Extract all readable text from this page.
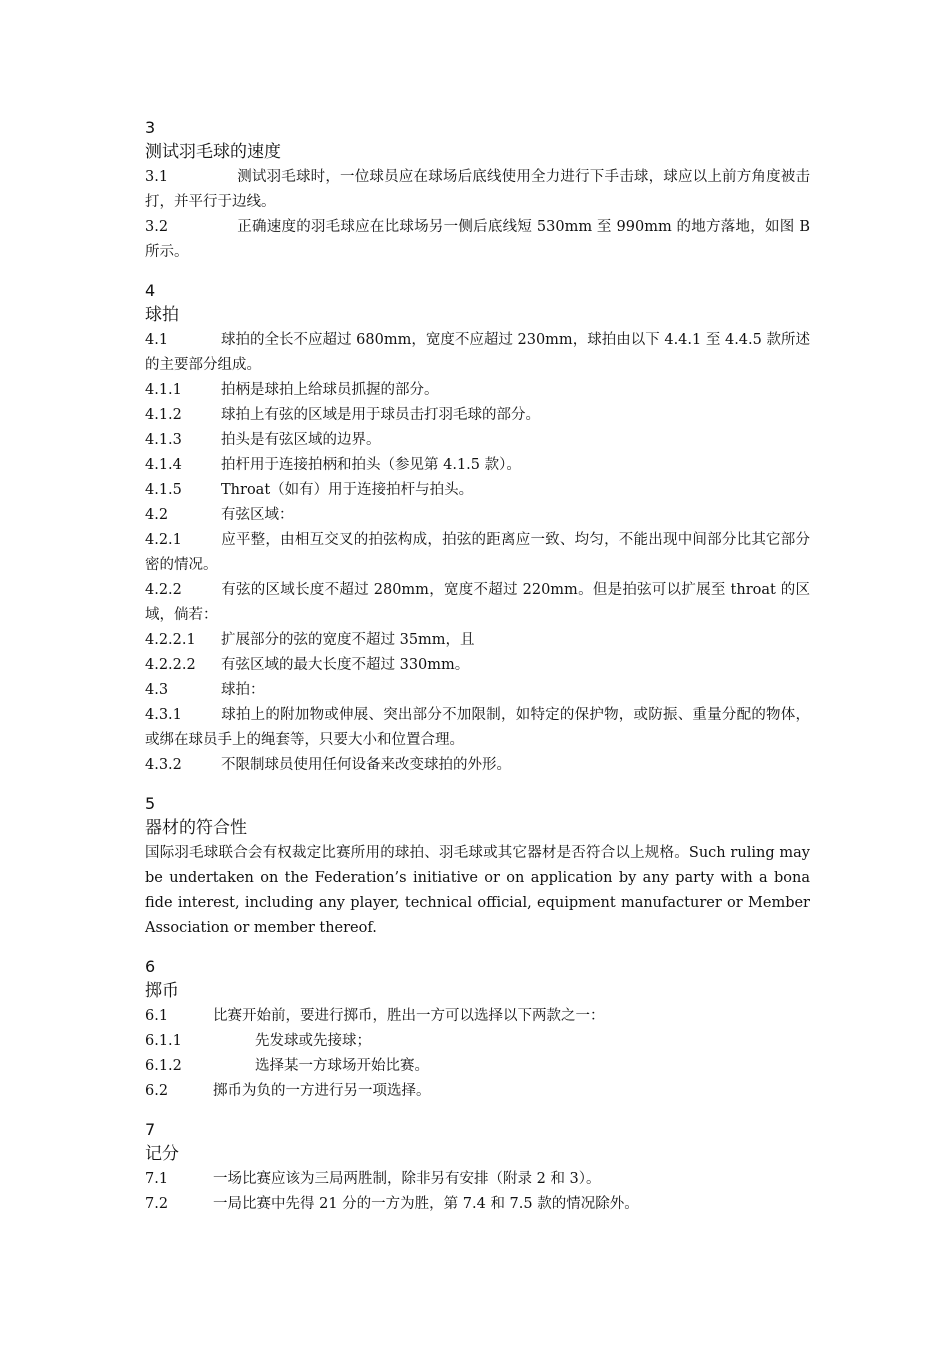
3
测试羽毛球的速度
3.1	测试羽毛球时，一位球员应在球场后底线使用全力进行下手击球，球应以上前方角度被击打，并平行于边线。
3.2	正确速度的羽毛球应在比球场另一侧后底线短 530mm 至 990mm 的地方落地，如图 B 所示。
4
球拍
4.1	球拍的全长不应超过 680mm，宽度不应超过 230mm，球拍由以下 4.4.1 至 4.4.5 款所述的主要部分组成。
4.1.1	拍柄是球拍上给球员抓握的部分。
4.1.2	球拍上有弦的区域是用于球员击打羽毛球的部分。
4.1.3	拍头是有弦区域的边界。
4.1.4	拍杆用于连接拍柄和拍头（参见第 4.1.5 款）。
4.1.5	Throat（如有）用于连接拍杆与拍头。
4.2	有弦区域：
4.2.1	应平整，由相互交叉的拍弦构成，拍弦的距离应一致、均匀，不能出现中间部分比其它部分密的情况。
4.2.2	有弦的区域长度不超过 280mm，宽度不超过 220mm。但是拍弦可以扩展至 throat 的区域，倘若：
4.2.2.1	扩展部分的弦的宽度不超过 35mm，且
4.2.2.2	有弦区域的最大长度不超过 330mm。
4.3	球拍：
4.3.1	球拍上的附加物或伸展、突出部分不加限制，如特定的保护物，或防振、重量分配的物体，或绑在球员手上的绳套等，只要大小和位置合理。
4.3.2	不限制球员使用任何设备来改变球拍的外形。
5
器材的符合性
国际羽毛球联合会有权裁定比赛所用的球拍、羽毛球或其它器材是否符合以上规格。Such ruling may be undertaken on the Federation’s initiative or on application by any party with a bona fide interest, including any player, technical official, equipment manufacturer or Member Association or member thereof.
6
掷币
6.1	比赛开始前，要进行掷币，胜出一方可以选择以下两款之一：
6.1.1	先发球或先接球；
6.1.2	选择某一方球场开始比赛。
6.2	掷币为负的一方进行另一项选择。
7
记分
7.1	一场比赛应该为三局两胜制，除非另有安排（附录 2 和 3）。
7.2	一局比赛中先得 21 分的一方为胜，第 7.4 和 7.5 款的情况除外。
